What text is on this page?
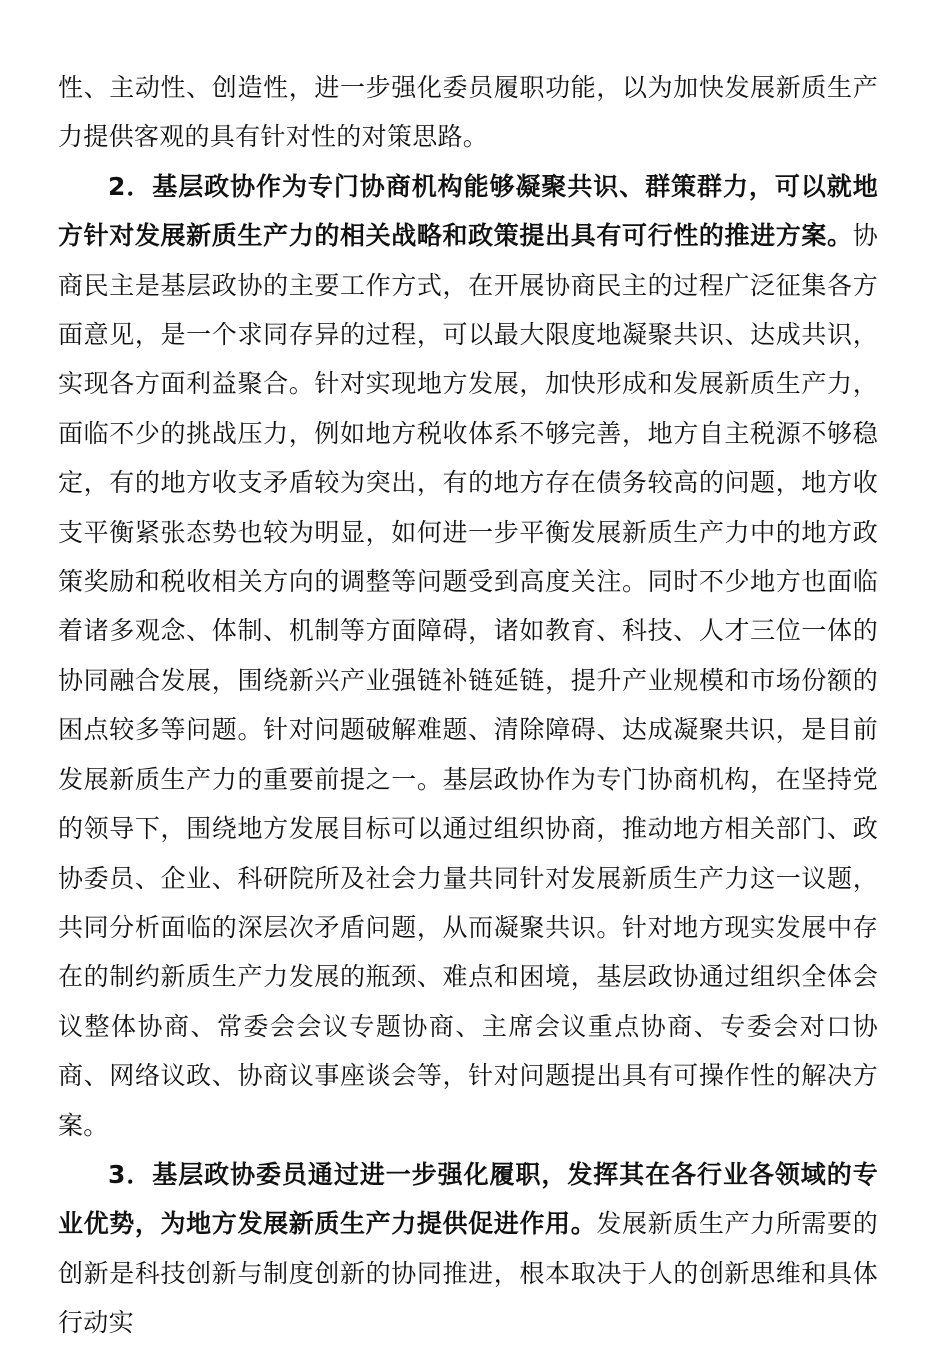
性、主动性、创造性，进一步强化委员履职功能，以为加快发展新质生产力提供客观的具有针对性的对策思路。

2．基层政协作为专门协商机构能够凝聚共识、群策群力，可以就地方针对发展新质生产力的相关战略和政策提出具有可行性的推进方案。协商民主是基层政协的主要工作方式，在开展协商民主的过程广泛征集各方面意见，是一个求同存异的过程，可以最大限度地凝聚共识、达成共识，实现各方面利益聚合。针对实现地方发展，加快形成和发展新质生产力，面临不少的挑战压力，例如地方税收体系不够完善，地方自主税源不够稳定，有的地方收支矛盾较为突出，有的地方存在债务较高的问题，地方收支平衡紧张态势也较为明显，如何进一步平衡发展新质生产力中的地方政策奖励和税收相关方向的调整等问题受到高度关注。同时不少地方也面临着诸多观念、体制、机制等方面障碍，诸如教育、科技、人才三位一体的协同融合发展，围绕新兴产业强链补链延链，提升产业规模和市场份额的困点较多等问题。针对问题破解难题、清除障碍、达成凝聚共识，是目前发展新质生产力的重要前提之一。基层政协作为专门协商机构，在坚持党的领导下，围绕地方发展目标可以通过组织协商，推动地方相关部门、政协委员、企业、科研院所及社会力量共同针对发展新质生产力这一议题，共同分析面临的深层次矛盾问题，从而凝聚共识。针对地方现实发展中存在的制约新质生产力发展的瓶颈、难点和困境，基层政协通过组织全体会议整体协商、常委会会议专题协商、主席会议重点协商、专委会对口协商、网络议政、协商议事座谈会等，针对问题提出具有可操作性的解决方案。

3．基层政协委员通过进一步强化履职，发挥其在各行业各领域的专业优势，为地方发展新质生产力提供促进作用。发展新质生产力所需要的创新是科技创新与制度创新的协同推进，根本取决于人的创新思维和具体行动实
